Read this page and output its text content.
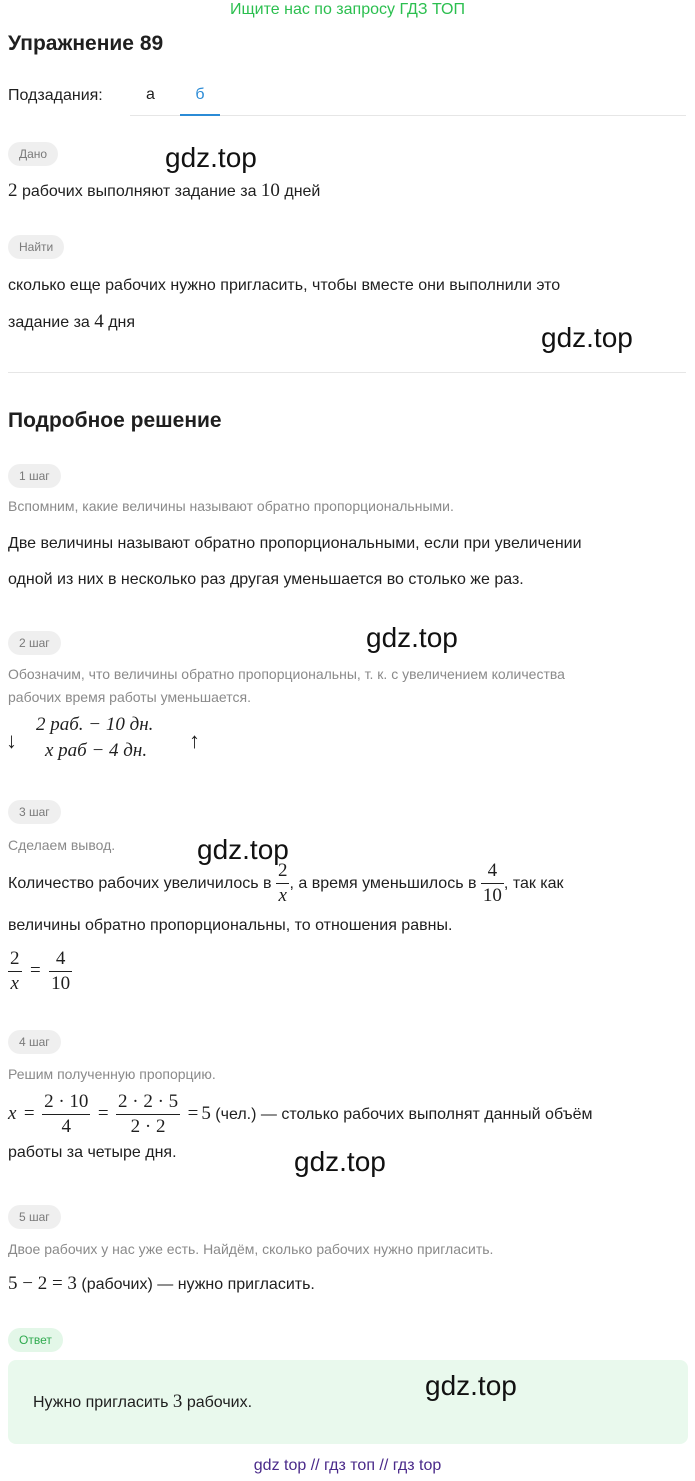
Ищите нас по запросу ГДЗ ТОП
Упражнение 89
Подзадания:	а	б
Дано	gdz.top
2 рабочих выполняют задание за 10 дней
Найти
сколько еще рабочих нужно пригласить, чтобы вместе они выполнили это
задание за 4 дня	gdz.top
Подробное решение
1 шаг
Вспомним, какие величины называют обратно пропорциональными.
Две величины называют обратно пропорциональными, если при увеличении
одной из них в несколько раз другая уменьшается во столько же раз.
gdz.top
2 шаг
Обозначим, что величины обратно пропорциональны, т. к. с увеличением количества
рабочих время работы уменьшается.
↓
2 раб. − 10 дн.
x раб − 4 дн. ↑
3 шаг
Сделаем вывод.	gdz.top
Количество рабочих увеличилось в $\frac{2}{x}$ , а время уменьшилось в $\frac{4}{10}$ , так как
величины обратно пропорциональны, то отношения равны.
$\frac{2}{x} = \frac{4}{10}$
4 шаг
Решим полученную пропорцию.
$x = \frac{2 \cdot 10}{4} = \frac{2 \cdot 2 \cdot 5}{2 \cdot 2} = 5$ (чел.) — столько рабочих выполнят данный объём
работы за четыре дня.	gdz.top
5 шаг
Двое рабочих у нас уже есть. Найдём, сколько рабочих нужно пригласить.
5 − 2 = 3 (рабочих) — нужно пригласить.
Ответ
gdz.top
Нужно пригласить 3 рабочих.
gdz top // гдз топ // гдз top
